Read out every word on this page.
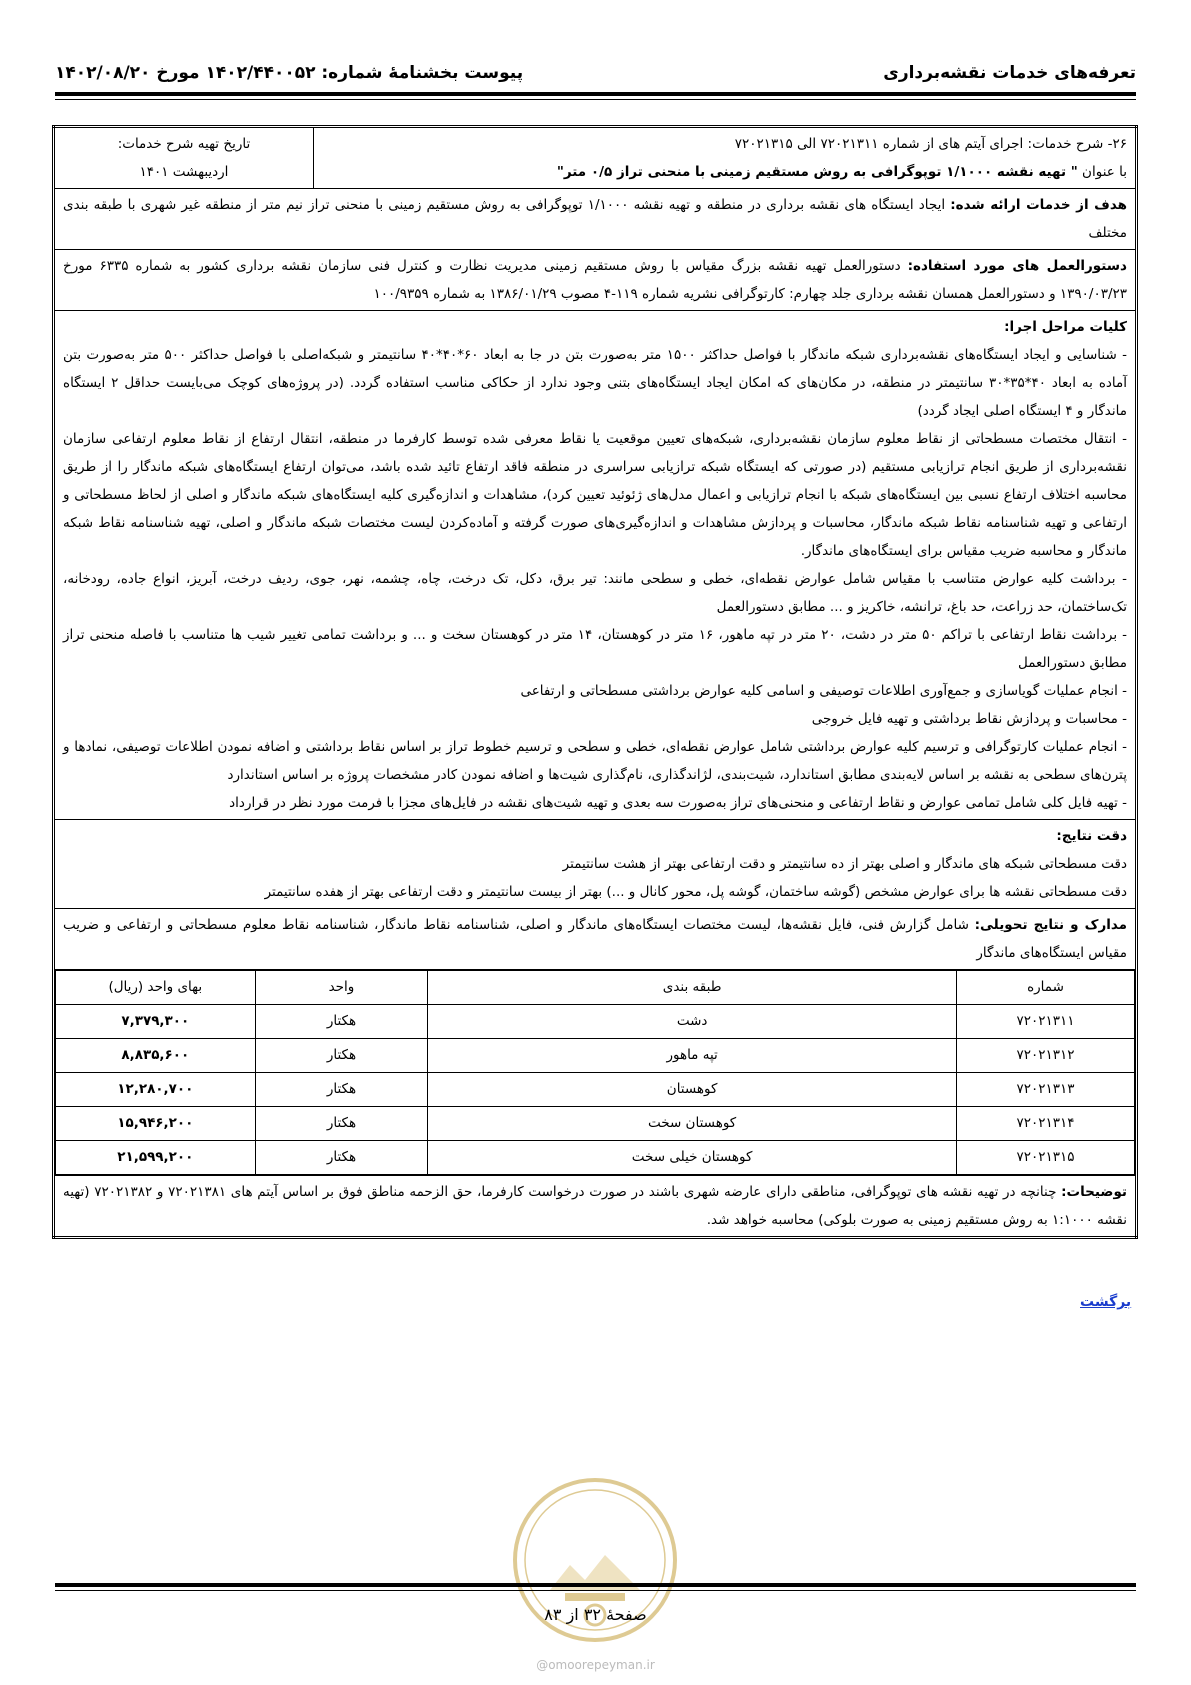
تعرفه‌های خدمات نقشه‌برداری
پیوست بخشنامۀ شماره: ۱۴۰۲/۴۴۰۰۵۲ مورخ ۱۴۰۲/۰۸/۲۰
۲۶- شرح خدمات: اجرای آیتم های از شماره ۷۲۰۲۱۳۱۱ الی ۷۲۰۲۱۳۱۵
با عنوان " تهیه نقشه ۱/۱۰۰۰ توپوگرافی به روش مستقیم زمینی با منحنی تراز ۰/۵ متر"

تاریخ تهیه شرح خدمات:
اردیبهشت ۱۴۰۱

هدف از خدمات ارائه شده: ایجاد ایستگاه های نقشه برداری در منطقه و تهیه نقشه ۱/۱۰۰۰ توپوگرافی به روش مستقیم زمینی با منحنی تراز نیم متر از منطقه غیر شهری با طبقه بندی مختلف
دستورالعمل های مورد استفاده: دستورالعمل تهیه نقشه بزرگ مقیاس با روش مستقیم زمینی مدیریت نظارت و کنترل فنی سازمان نقشه برداری کشور به شماره ۶۳۳۵ مورخ ۱۳۹۰/۰۳/۲۳ و دستورالعمل همسان نقشه برداری جلد چهارم: کارتوگرافی نشریه شماره ۱۱۹-۴ مصوب ۱۳۸۶/۰۱/۲۹ به شماره ۱۰۰/۹۳۵۹

کلیات مراحل اجرا:

- شناسایی و ایجاد ایستگاه‌های نقشه‌برداری شبکه ماندگار با فواصل حداکثر ۱۵۰۰ متر به‌صورت بتن در جا به ابعاد ۶۰*۴۰*۴۰ سانتیمتر و شبکه‌اصلی با فواصل حداکثر ۵۰۰ متر به‌صورت بتن آماده به ابعاد ۴۰*۳۵*۳۰ سانتیمتر در منطقه، در مکان‌های که امکان ایجاد ایستگاه‌های بتنی وجود ندارد از حکاکی مناسب استفاده گردد. (در پروژه‌های کوچک می‌بایست حداقل ۲ ایستگاه ماندگار و ۴ ایستگاه اصلی ایجاد گردد)

- انتقال مختصات مسطحاتی از نقاط معلوم سازمان نقشه‌برداری، شبکه‌های تعیین موقعیت یا نقاط معرفی شده توسط کارفرما در منطقه، انتقال ارتفاع از نقاط معلوم ارتفاعی سازمان نقشه‌برداری از طریق انجام ترازیابی مستقیم (در صورتی که ایستگاه شبکه ترازیابی سراسری در منطقه فاقد ارتفاع تائید شده باشد، می‌توان ارتفاع ایستگاه‌های شبکه ماندگار را از طریق محاسبه اختلاف ارتفاع نسبی بین ایستگاه‌های شبکه با انجام ترازیابی و اعمال مدل‌های ژئوئید تعیین کرد)، مشاهدات و اندازه‌گیری کلیه ایستگاه‌های شبکه ماندگار و اصلی از لحاظ مسطحاتی و ارتفاعی و تهیه شناسنامه نقاط شبکه ماندگار، محاسبات و پردازش مشاهدات و اندازه‌گیری‌های صورت گرفته و آماده‌کردن لیست مختصات شبکه ماندگار و اصلی، تهیه شناسنامه نقاط شبکه ماندگار و محاسبه ضریب مقیاس برای ایستگاه‌های ماندگار.

- برداشت کلیه عوارض متناسب با مقیاس شامل عوارض نقطه‌ای، خطی و سطحی مانند: تیر برق، دکل، تک درخت، چاه، چشمه، نهر، جوی، ردیف درخت، آبریز، انواع جاده، رودخانه، تک‌ساختمان، حد زراعت، حد باغ، ترانشه، خاکریز و ... مطابق دستورالعمل

- برداشت نقاط ارتفاعی با تراکم ۵۰ متر در دشت، ۲۰ متر در تپه ماهور، ۱۶ متر در کوهستان، ۱۴ متر در کوهستان سخت و ... و برداشت تمامی تغییر شیب ها متناسب با فاصله منحنی تراز مطابق دستورالعمل

- انجام عملیات گویاسازی و جمع‌آوری اطلاعات توصیفی و اسامی کلیه عوارض برداشتی مسطحاتی و ارتفاعی

- محاسبات و پردازش نقاط برداشتی و تهیه فایل خروجی

- انجام عملیات کارتوگرافی و ترسیم کلیه عوارض برداشتی شامل عوارض نقطه‌ای، خطی و سطحی و ترسیم خطوط تراز بر اساس نقاط برداشتی و اضافه نمودن اطلاعات توصیفی، نمادها و پترن‌های سطحی به نقشه بر اساس لایه‌بندی مطابق استاندارد، شیت‌بندی، لژاندگذاری، نام‌گذاری شیت‌ها و اضافه نمودن کادر مشخصات پروژه بر اساس استاندارد

- تهیه فایل کلی شامل تمامی عوارض و نقاط ارتفاعی و منحنی‌های تراز به‌صورت سه بعدی و تهیه شیت‌های نقشه در فایل‌های مجزا با فرمت مورد نظر در قرارداد

دقت نتایج:

دقت مسطحاتی شبکه های ماندگار و اصلی بهتر از ده سانتیمتر و دقت ارتفاعی بهتر از هشت سانتیمتر

دقت مسطحاتی نقشه ها برای عوارض مشخص (گوشه ساختمان، گوشه پل، محور کانال و ...) بهتر از بیست سانتیمتر و دقت ارتفاعی بهتر از هفده سانتیمتر

مدارک و نتایج تحویلی: شامل گزارش فنی، فایل نقشه‌ها، لیست مختصات ایستگاه‌های ماندگار و اصلی، شناسنامه نقاط ماندگار، شناسنامه نقاط معلوم مسطحاتی و ارتفاعی و ضریب مقیاس ایستگاه‌های ماندگار

شماره	طبقه بندی	واحد	بهای واحد (ریال)
۷۲۰۲۱۳۱۱	دشت	هکتار	۷,۳۷۹,۳۰۰
۷۲۰۲۱۳۱۲	تپه ماهور	هکتار	۸,۸۳۵,۶۰۰
۷۲۰۲۱۳۱۳	کوهستان	هکتار	۱۲,۲۸۰,۷۰۰
۷۲۰۲۱۳۱۴	کوهستان سخت	هکتار	۱۵,۹۴۶,۲۰۰
۷۲۰۲۱۳۱۵	کوهستان خیلی سخت	هکتار	۲۱,۵۹۹,۲۰۰

توضیحات: چنانچه در تهیه نقشه های توپوگرافی، مناطقی دارای عارضه شهری باشند در صورت درخواست کارفرما، حق الزحمه مناطق فوق بر اساس آیتم های ۷۲۰۲۱۳۸۱ و ۷۲۰۲۱۳۸۲ (تهیه نقشه ۱:۱۰۰۰ به روش مستقیم زمینی به صورت بلوکی) محاسبه خواهد شد.
برگشت
صفحۀ ۳۲ از ۸۳
@omoorepeyman.ir
